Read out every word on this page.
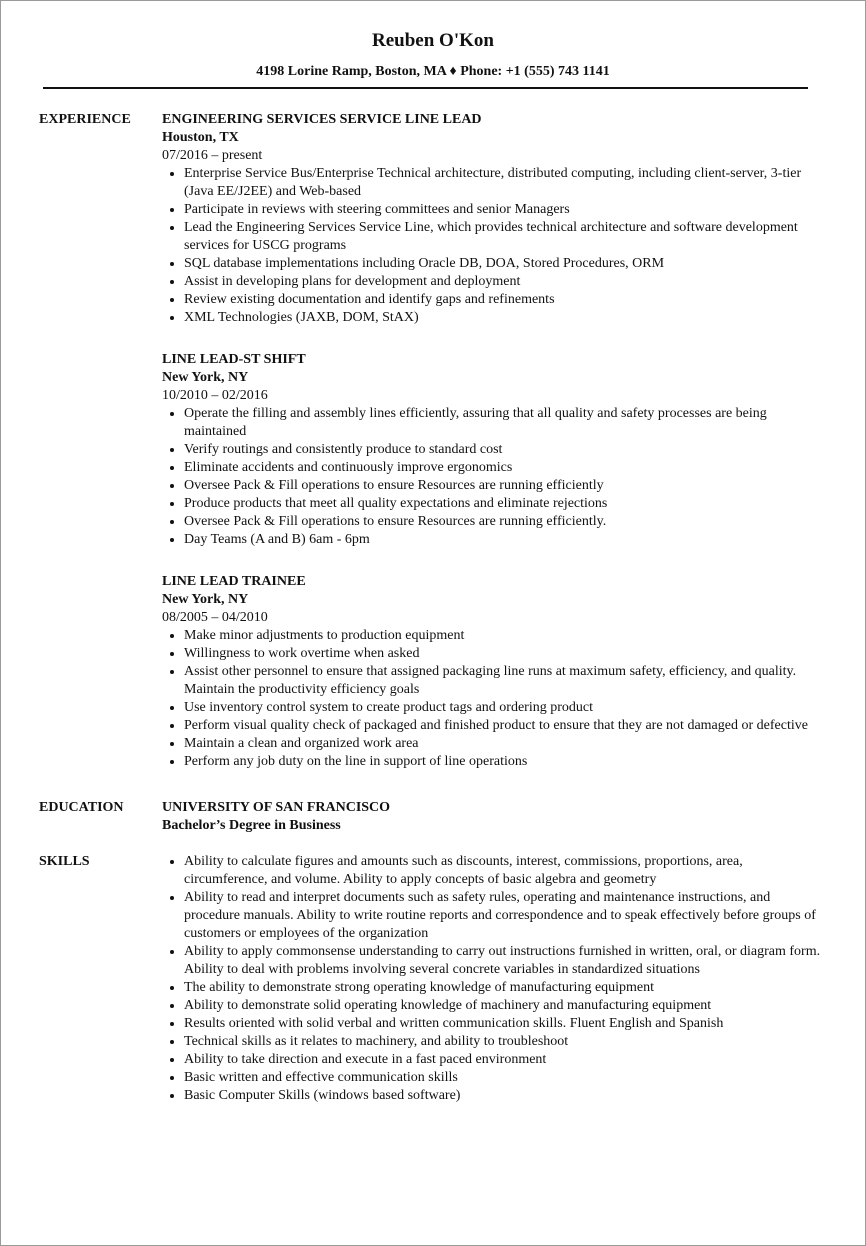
Reuben O'Kon
4198 Lorine Ramp, Boston, MA ♦ Phone: +1 (555) 743 1141
EXPERIENCE	ENGINEERING SERVICES SERVICE LINE LEAD
Houston, TX
07/2016 – present
• Enterprise Service Bus/Enterprise Technical architecture, distributed computing, including client-server, 3-tier (Java EE/J2EE) and Web-based
• Participate in reviews with steering committees and senior Managers
• Lead the Engineering Services Service Line, which provides technical architecture and software development services for USCG programs
• SQL database implementations including Oracle DB, DOA, Stored Procedures, ORM
• Assist in developing plans for development and deployment
• Review existing documentation and identify gaps and refinements
• XML Technologies (JAXB, DOM, StAX)
LINE LEAD-ST SHIFT
New York, NY
10/2010 – 02/2016
• Operate the filling and assembly lines efficiently, assuring that all quality and safety processes are being maintained
• Verify routings and consistently produce to standard cost
• Eliminate accidents and continuously improve ergonomics
• Oversee Pack & Fill operations to ensure Resources are running efficiently
• Produce products that meet all quality expectations and eliminate rejections
• Oversee Pack & Fill operations to ensure Resources are running efficiently.
• Day Teams (A and B) 6am - 6pm
LINE LEAD TRAINEE
New York, NY
08/2005 – 04/2010
• Make minor adjustments to production equipment
• Willingness to work overtime when asked
• Assist other personnel to ensure that assigned packaging line runs at maximum safety, efficiency, and quality. Maintain the productivity efficiency goals
• Use inventory control system to create product tags and ordering product
• Perform visual quality check of packaged and finished product to ensure that they are not damaged or defective
• Maintain a clean and organized work area
• Perform any job duty on the line in support of line operations
EDUCATION	UNIVERSITY OF SAN FRANCISCO
Bachelor’s Degree in Business
SKILLS
•	Ability to calculate figures and amounts such as discounts, interest, commissions, proportions, area, circumference, and volume. Ability to apply concepts of basic algebra and geometry
• Ability to read and interpret documents such as safety rules, operating and maintenance instructions, and procedure manuals. Ability to write routine reports and correspondence and to speak effectively before groups of customers or employees of the organization
• Ability to apply commonsense understanding to carry out instructions furnished in written, oral, or diagram form. Ability to deal with problems involving several concrete variables in standardized situations
• The ability to demonstrate strong operating knowledge of manufacturing equipment
• Ability to demonstrate solid operating knowledge of machinery and manufacturing equipment
• Results oriented with solid verbal and written communication skills. Fluent English and Spanish
• Technical skills as it relates to machinery, and ability to troubleshoot
• Ability to take direction and execute in a fast paced environment
• Basic written and effective communication skills
• Basic Computer Skills (windows based software)
